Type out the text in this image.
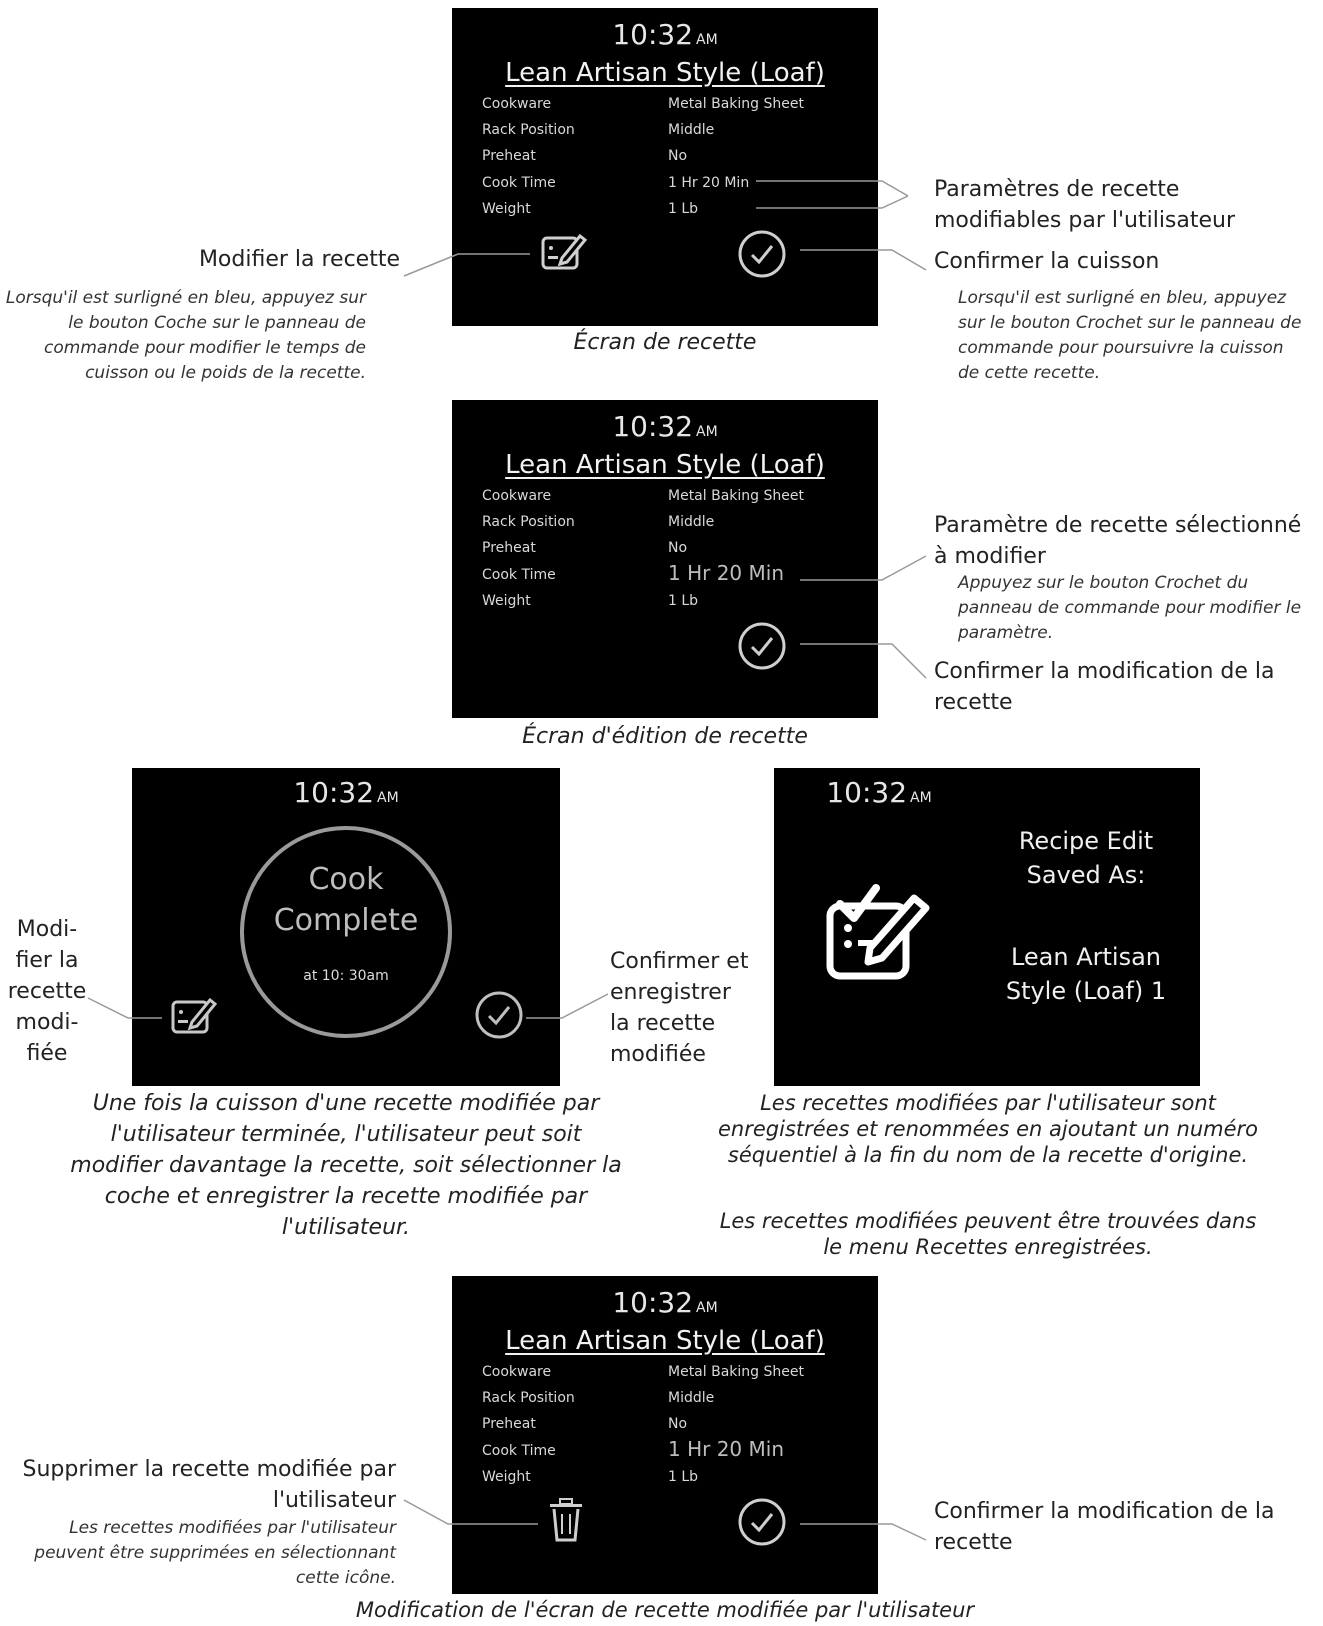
10:32 AM
Lean Artisan Style (Loaf)
Cookware	Metal Baking Sheet
Rack Position	Middle
Preheat	No
Cook Time	1 Hr 20 Min
Weight	1 Lb
Écran de recette
Modifier la recette
Lorsqu'il est surligné en bleu, appuyez sur le bouton Coche sur le panneau de commande pour modifier le temps de cuisson ou le poids de la recette.
Paramètres de recette modifiables par l'utilisateur
Confirmer la cuisson
Lorsqu'il est surligné en bleu, appuyez sur le bouton Crochet sur le panneau de commande pour poursuivre la cuisson de cette recette.
10:32 AM
Lean Artisan Style (Loaf)
Cookware	Metal Baking Sheet
Rack Position	Middle
Preheat	No
Cook Time	1 Hr 20 Min
Weight	1 Lb
Écran d'édition de recette
Paramètre de recette sélectionné à modifier
Appuyez sur le bouton Crochet du panneau de commande pour modifier le paramètre.
Confirmer la modification de la recette
10:32 AM
Cook
Complete
at 10: 30am
Modi-
fier la
recette
modi-
fiée
Confirmer et
enregistrer
la recette
modifiée
Une fois la cuisson d'une recette modifiée par l'utilisateur terminée, l'utilisateur peut soit modifier davantage la recette, soit sélectionner la coche et enregistrer la recette modifiée par l'utilisateur.
10:32 AM
Recipe Edit
Saved As:
Lean Artisan
Style (Loaf) 1
Les recettes modifiées par l'utilisateur sont enregistrées et renommées en ajoutant un numéro séquentiel à la fin du nom de la recette d'origine.
Les recettes modifiées peuvent être trouvées dans le menu Recettes enregistrées.
10:32 AM
Lean Artisan Style (Loaf)
Cookware	Metal Baking Sheet
Rack Position	Middle
Preheat	No
Cook Time	1 Hr 20 Min
Weight	1 Lb
Modification de l'écran de recette modifiée par l'utilisateur
Supprimer la recette modifiée par l'utilisateur
Les recettes modifiées par l'utilisateur peuvent être supprimées en sélectionnant cette icône.
Confirmer la modification de la recette
